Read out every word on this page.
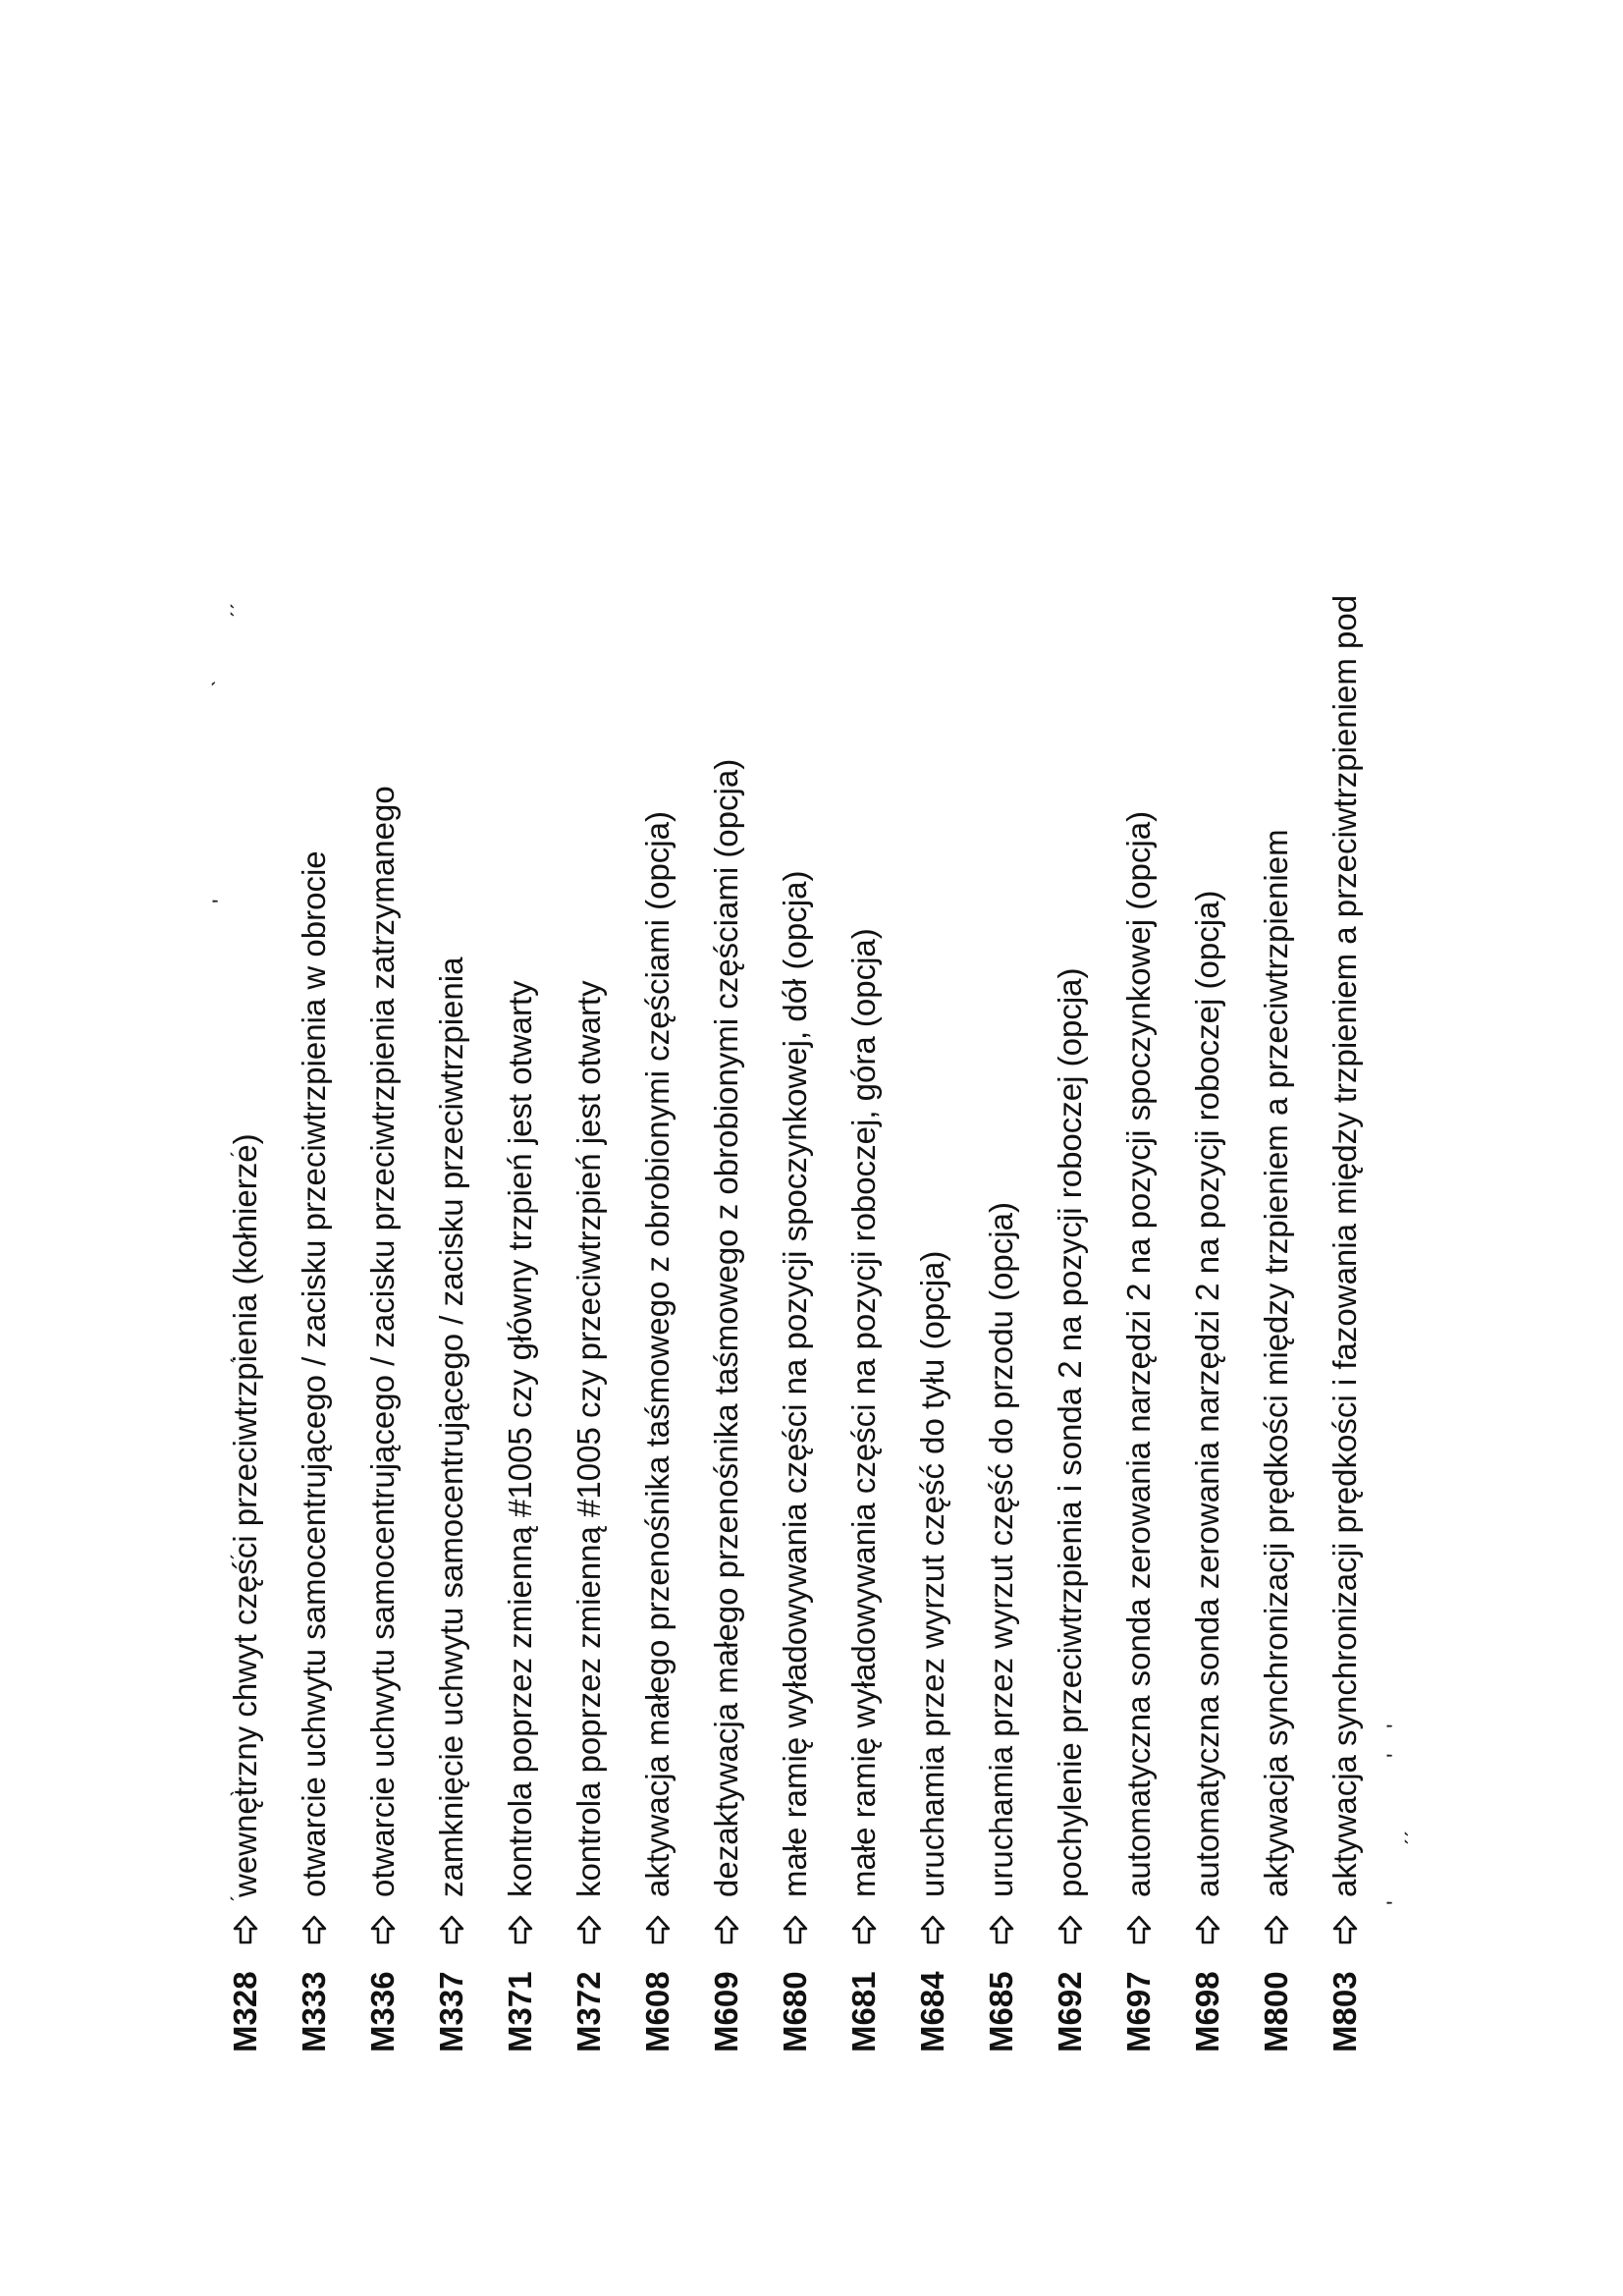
ˏ
ˎ
ˏ
ˏ
ˏ
'
ˋ
ˏˏ
M328
wewnętrzny chwyt części przeciwtrzpienia (kołnierze)
M333
otwarcie uchwytu samocentrującego / zacisku przeciwtrzpienia w obrocie
M336
otwarcie uchwytu samocentrującego / zacisku przeciwtrzpienia zatrzymanego
M337
zamknięcie uchwytu samocentrującego / zacisku przeciwtrzpienia
M371
kontrola poprzez zmienną #1005 czy główny trzpień jest otwarty
M372
kontrola poprzez zmienną #1005 czy przeciwtrzpień jest otwarty
M608
aktywacja małego przenośnika taśmowego z obrobionymi częściami (opcja)
M609
dezaktywacja małego przenośnika taśmowego z obrobionymi częściami (opcja)
M680
małe ramię wyładowywania części na pozycji spoczynkowej, dół (opcja)
M681
małe ramię wyładowywania części na pozycji roboczej, góra (opcja)
M684
uruchamia przez wyrzut część do tyłu (opcja)
M685
uruchamia przez wyrzut część do przodu (opcja)
M692
pochylenie przeciwtrzpienia i sonda 2 na pozycji roboczej (opcja)
M697
automatyczna sonda zerowania narzędzi 2 na pozycji spoczynkowej (opcja)
M698
automatyczna sonda zerowania narzędzi 2 na pozycji roboczej (opcja)
M800
aktywacja synchronizacji prędkości między trzpieniem a przeciwtrzpieniem
M803
aktywacja synchronizacji prędkości i fazowania między trzpieniem a przeciwtrzpieniem pod
'
ˏˏ
'
'
